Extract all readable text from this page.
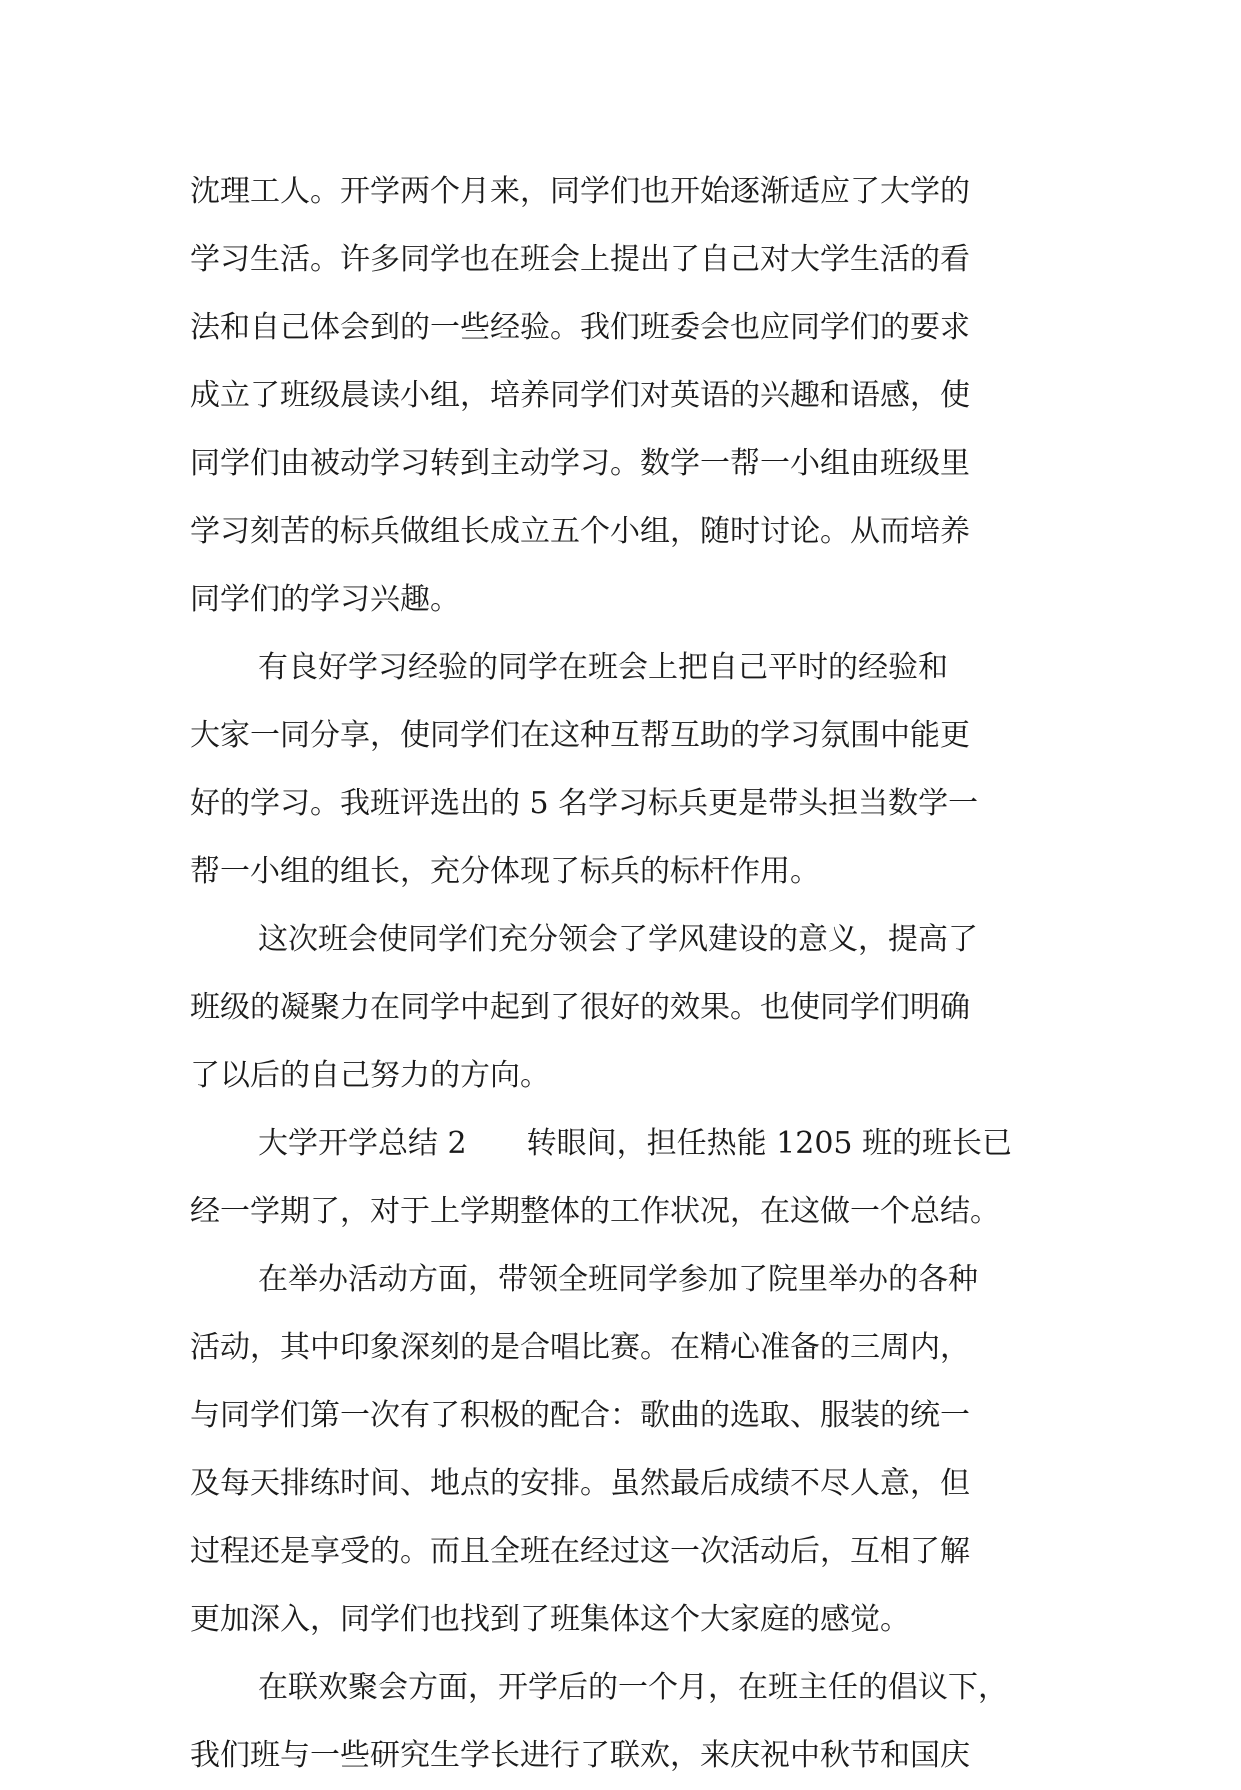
沈理工人。开学两个月来，同学们也开始逐渐适应了大学的
学习生活。许多同学也在班会上提出了自己对大学生活的看
法和自己体会到的一些经验。我们班委会也应同学们的要求
成立了班级晨读小组，培养同学们对英语的兴趣和语感，使
同学们由被动学习转到主动学习。数学一帮一小组由班级里
学习刻苦的标兵做组长成立五个小组，随时讨论。从而培养
同学们的学习兴趣。
有良好学习经验的同学在班会上把自己平时的经验和
大家一同分享，使同学们在这种互帮互助的学习氛围中能更
好的学习。我班评选出的 5 名学习标兵更是带头担当数学一
帮一小组的组长，充分体现了标兵的标杆作用。
这次班会使同学们充分领会了学风建设的意义，提高了
班级的凝聚力在同学中起到了很好的效果。也使同学们明确
了以后的自己努力的方向。
大学开学总结 2　　转眼间，担任热能 1205 班的班长已
经一学期了，对于上学期整体的工作状况，在这做一个总结。
在举办活动方面，带领全班同学参加了院里举办的各种
活动，其中印象深刻的是合唱比赛。在精心准备的三周内，
与同学们第一次有了积极的配合：歌曲的选取、服装的统一
及每天排练时间、地点的安排。虽然最后成绩不尽人意，但
过程还是享受的。而且全班在经过这一次活动后，互相了解
更加深入，同学们也找到了班集体这个大家庭的感觉。
在联欢聚会方面，开学后的一个月，在班主任的倡议下，
我们班与一些研究生学长进行了联欢，来庆祝中秋节和国庆
